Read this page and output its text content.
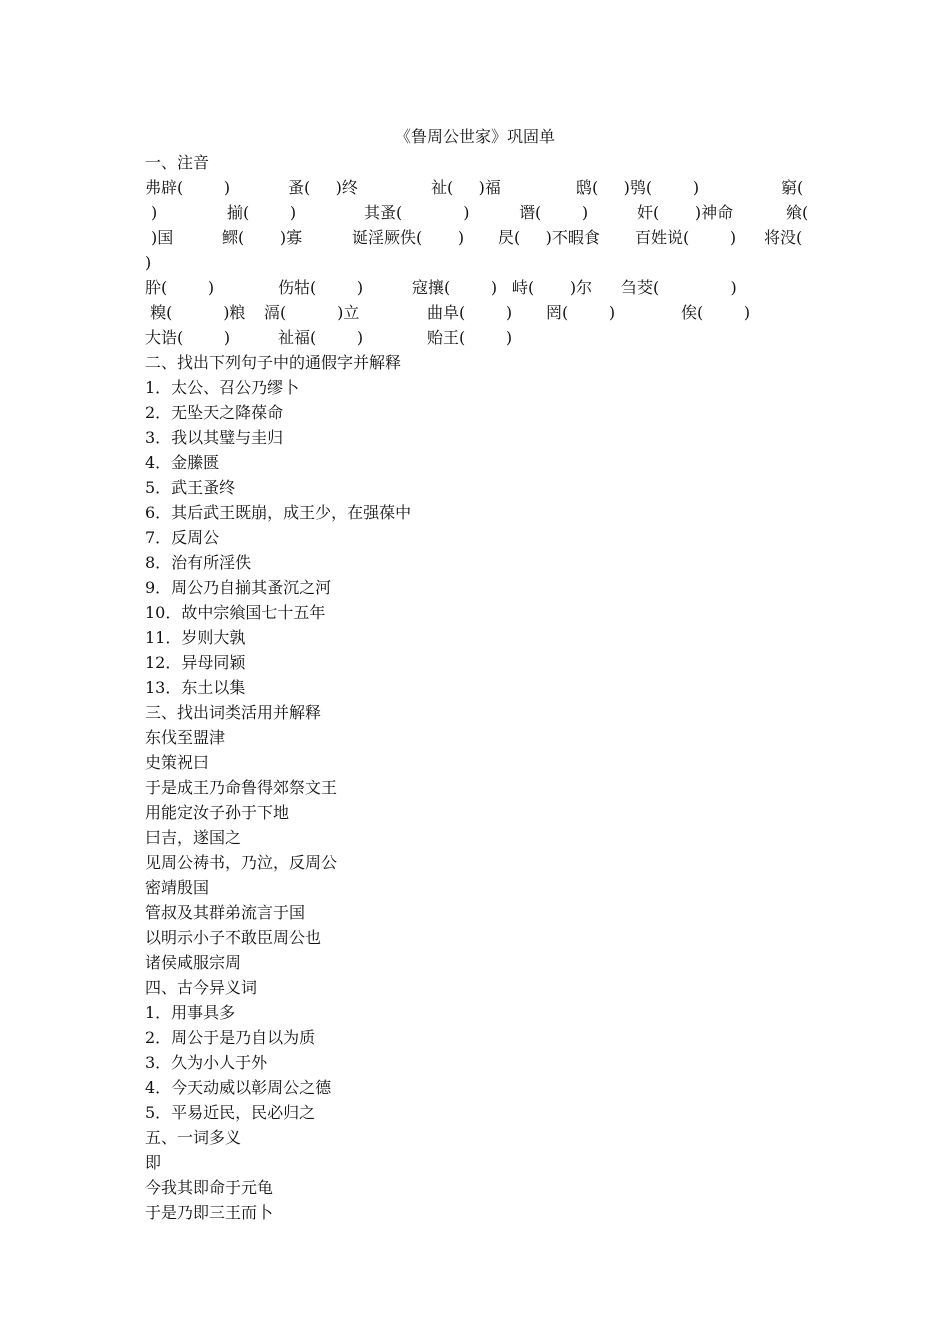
《鲁周公世家》巩固单
一、注音
弗辟(        )	蚤(     )终	祉(     )福	鸱(     )鸮(        )	窮(
)	揃(        )	其蚤(            )	谮(        )	奸(       )神命	飨(
)国	鳏(       )寡	诞淫厥佚(       ) 昃(     )不暇食 百姓说(        ) 将没(
)
肸(        )	伤牯(        )	寇攘(        ) 峙(       )尔 刍茭(              )
糗(          )粮 滆(          )立	曲阜(        ) 罔(        )	俟(        )
大诰(        )	祉福(        )	贻王(        )
二、找出下列句子中的通假字并解释
1．太公、召公乃缪卜
2．无坠天之降葆命
3．我以其璧与圭归
4．金縢匮
5．武王蚤终
6．其后武王既崩，成王少，在强葆中
7．反周公
8．治有所淫佚
9．周公乃自揃其蚤沉之河
10．故中宗飨国七十五年
11．岁则大孰
12．异母同颖
13．东土以集
三、找出词类活用并解释
东伐至盟津
史策祝曰
于是成王乃命鲁得郊祭文王
用能定汝子孙于下地
曰吉，遂国之
见周公祷书，乃泣，反周公
密靖殷国
管叔及其群弟流言于国
以明示小子不敢臣周公也
诸侯咸服宗周
四、古今异义词
1．用事具多
2．周公于是乃自以为质
3．久为小人于外
4．今天动威以彰周公之德
5．平易近民，民必归之
五、一词多义
即
今我其即命于元龟
于是乃即三王而卜
